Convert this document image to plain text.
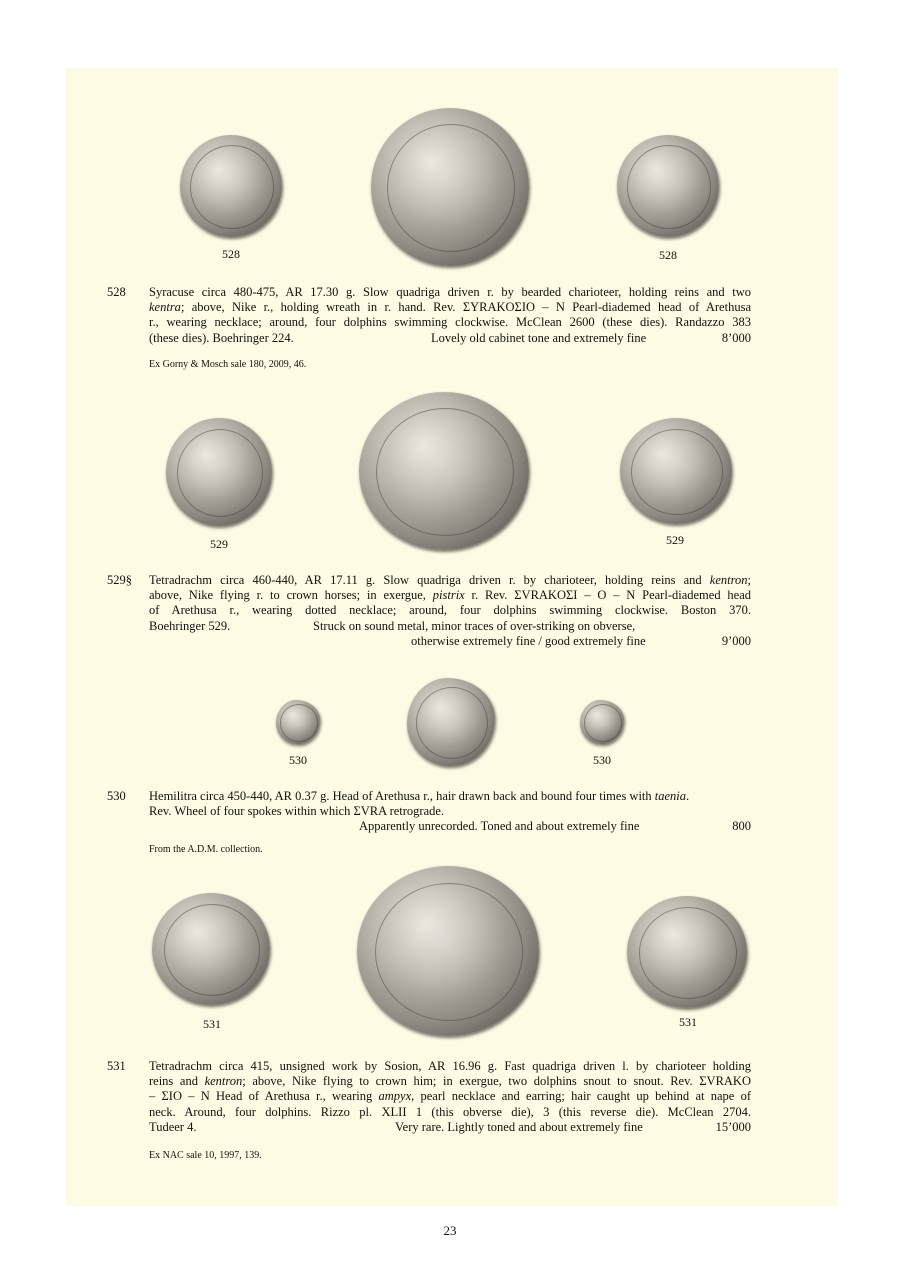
528	528
528 Syracuse circa 480-475, AR 17.30 g. Slow quadriga driven r. by bearded charioteer, holding reins and two
kentra; above, Nike r., holding wreath in r. hand. Rev. ΣYRAKOΣIO – N Pearl-diademed head of Arethusa
r., wearing necklace; around, four dolphins swimming clockwise. McClean 2600 (these dies). Randazzo 383
(these dies). Boehringer 224.	Lovely old cabinet tone and extremely fine	8’000
Ex Gorny & Mosch sale 180, 2009, 46.
529	529
529§ Tetradrachm circa 460-440, AR 17.11 g. Slow quadriga driven r. by charioteer, holding reins and kentron;
above, Nike flying r. to crown horses; in exergue, pistrix r. Rev. ΣVRAKOΣI – O – N Pearl-diademed head
of Arethusa r., wearing dotted necklace; around, four dolphins swimming clockwise. Boston 370.
Boehringer 529.	Struck on sound metal, minor traces of over-striking on obverse,
otherwise extremely fine / good extremely fine	9’000
530	530
530 Hemilitra circa 450-440, AR 0.37 g. Head of Arethusa r., hair drawn back and bound four times with taenia.
Rev. Wheel of four spokes within which ΣVRA retrograde.
Apparently unrecorded. Toned and about extremely fine	800
From the A.D.M. collection.
531	531
531 Tetradrachm circa 415, unsigned work by Sosion, AR 16.96 g. Fast quadriga driven l. by charioteer holding
reins and kentron; above, Nike flying to crown him; in exergue, two dolphins snout to snout. Rev. ΣVRAKO
– ΣIO – N Head of Arethusa r., wearing ampyx, pearl necklace and earring; hair caught up behind at nape of
neck. Around, four dolphins. Rizzo pl. XLII 1 (this obverse die), 3 (this reverse die). McClean 2704.
Tudeer 4.	Very rare. Lightly toned and about extremely fine	15’000
Ex NAC sale 10, 1997, 139.
23
